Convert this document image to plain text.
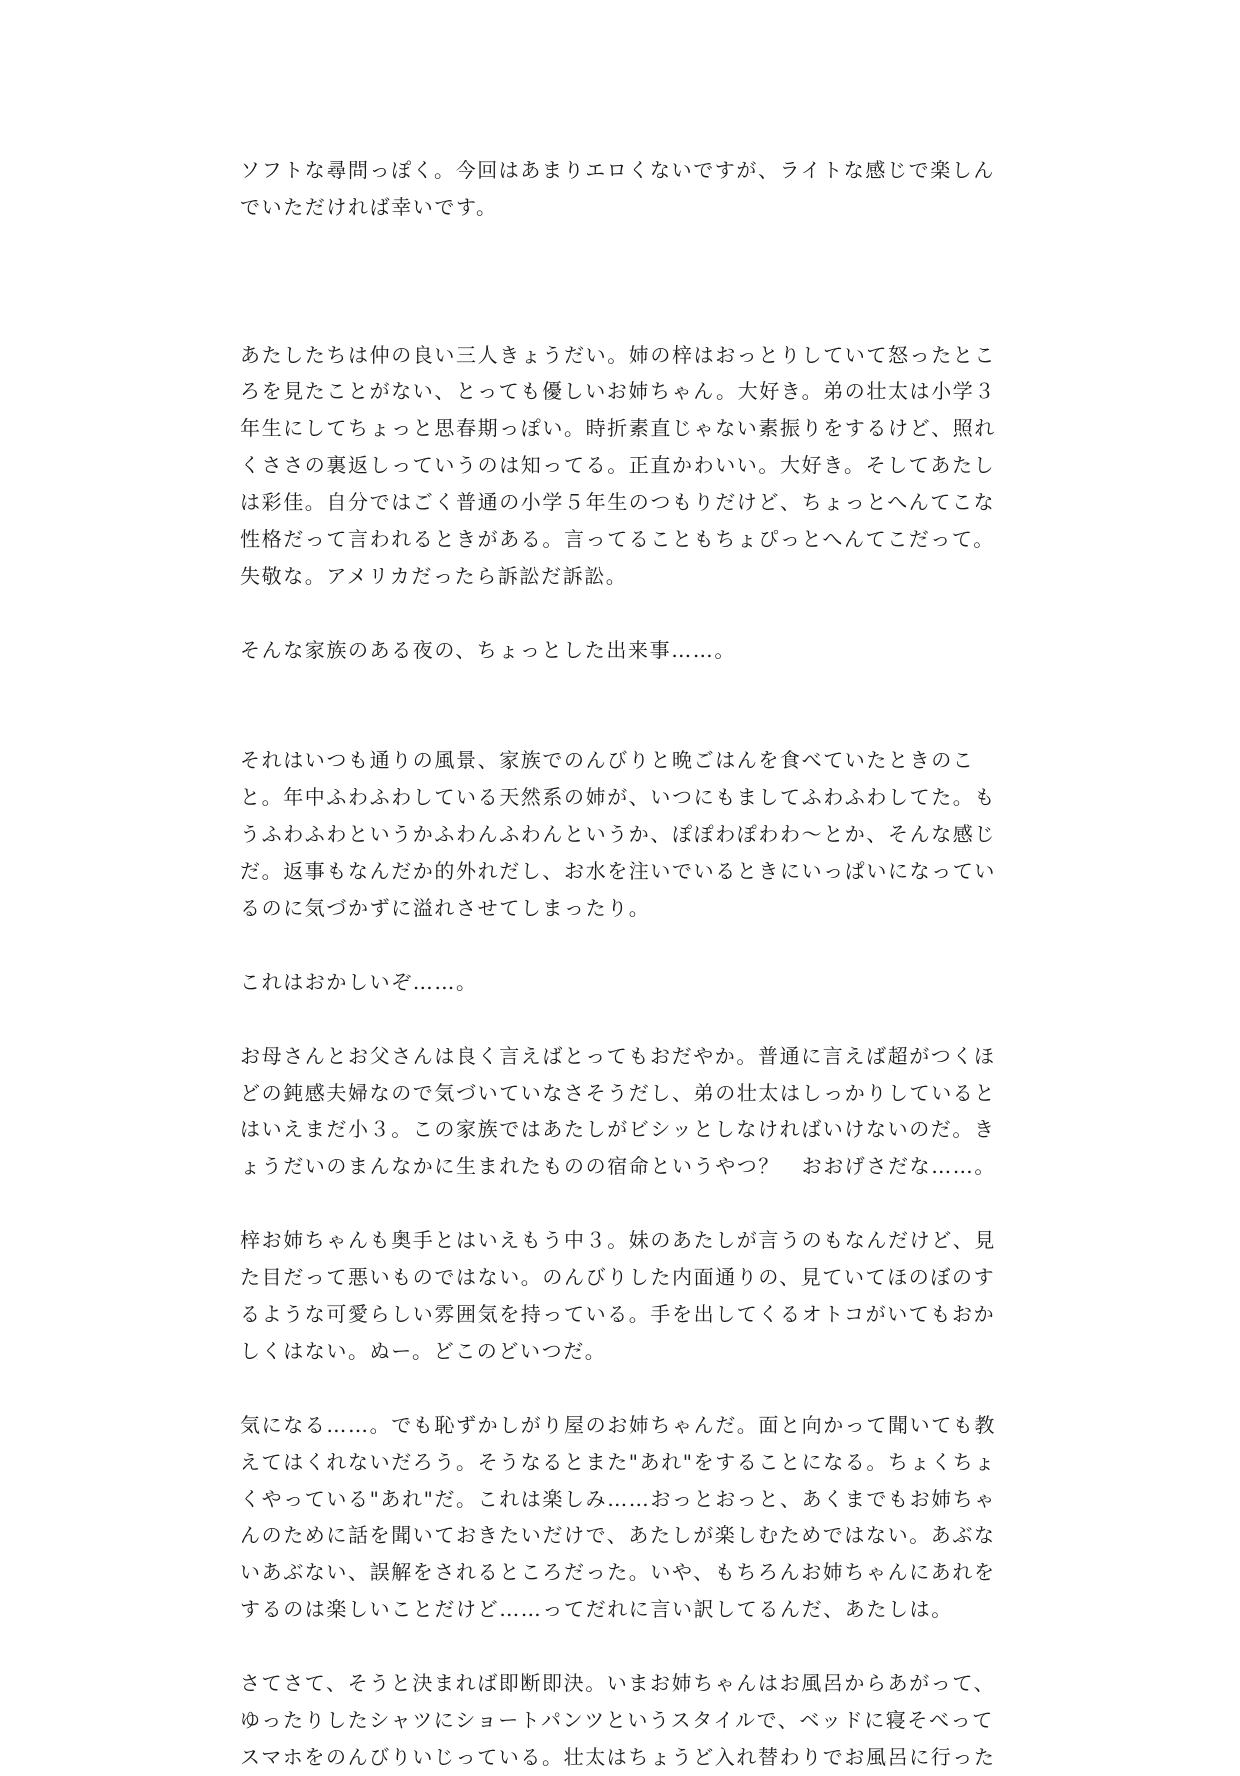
ソフトな尋問っぽく。今回はあまりエロくないですが、ライトな感じで楽しんでいただければ幸いです。

あたしたちは仲の良い三人きょうだい。姉の梓はおっとりしていて怒ったところを見たことがない、とっても優しいお姉ちゃん。大好き。弟の壮太は小学３年生にしてちょっと思春期っぽい。時折素直じゃない素振りをするけど、照れくささの裏返しっていうのは知ってる。正直かわいい。大好き。そしてあたしは彩佳。自分ではごく普通の小学５年生のつもりだけど、ちょっとへんてこな性格だって言われるときがある。言ってることもちょぴっとへんてこだって。失敬な。アメリカだったら訴訟だ訴訟。

そんな家族のある夜の、ちょっとした出来事……。

それはいつも通りの風景、家族でのんびりと晩ごはんを食べていたときのこと。年中ふわふわしている天然系の姉が、いつにもましてふわふわしてた。もうふわふわというかふわんふわんというか、ぽぽわぽわわ～とか、そんな感じだ。返事もなんだか的外れだし、お水を注いでいるときにいっぱいになっているのに気づかずに溢れさせてしまったり。

これはおかしいぞ……。

お母さんとお父さんは良く言えばとってもおだやか。普通に言えば超がつくほどの鈍感夫婦なので気づいていなさそうだし、弟の壮太はしっかりしているとはいえまだ小３。この家族ではあたしがビシッとしなければいけないのだ。きょうだいのまんなかに生まれたものの宿命というやつ？　おおげさだな……。

梓お姉ちゃんも奥手とはいえもう中３。妹のあたしが言うのもなんだけど、見た目だって悪いものではない。のんびりした内面通りの、見ていてほのぼのするような可愛らしい雰囲気を持っている。手を出してくるオトコがいてもおかしくはない。ぬー。どこのどいつだ。

気になる……。でも恥ずかしがり屋のお姉ちゃんだ。面と向かって聞いても教えてはくれないだろう。そうなるとまた"あれ"をすることになる。ちょくちょくやっている"あれ"だ。これは楽しみ……おっとおっと、あくまでもお姉ちゃんのために話を聞いておきたいだけで、あたしが楽しむためではない。あぶないあぶない、誤解をされるところだった。いや、もちろんお姉ちゃんにあれをするのは楽しいことだけど……ってだれに言い訳してるんだ、あたしは。

さてさて、そうと決まれば即断即決。いまお姉ちゃんはお風呂からあがって、ゆったりしたシャツにショートパンツというスタイルで、ベッドに寝そべってスマホをのんびりいじっている。壮太はちょうど入れ替わりでお風呂に行った
